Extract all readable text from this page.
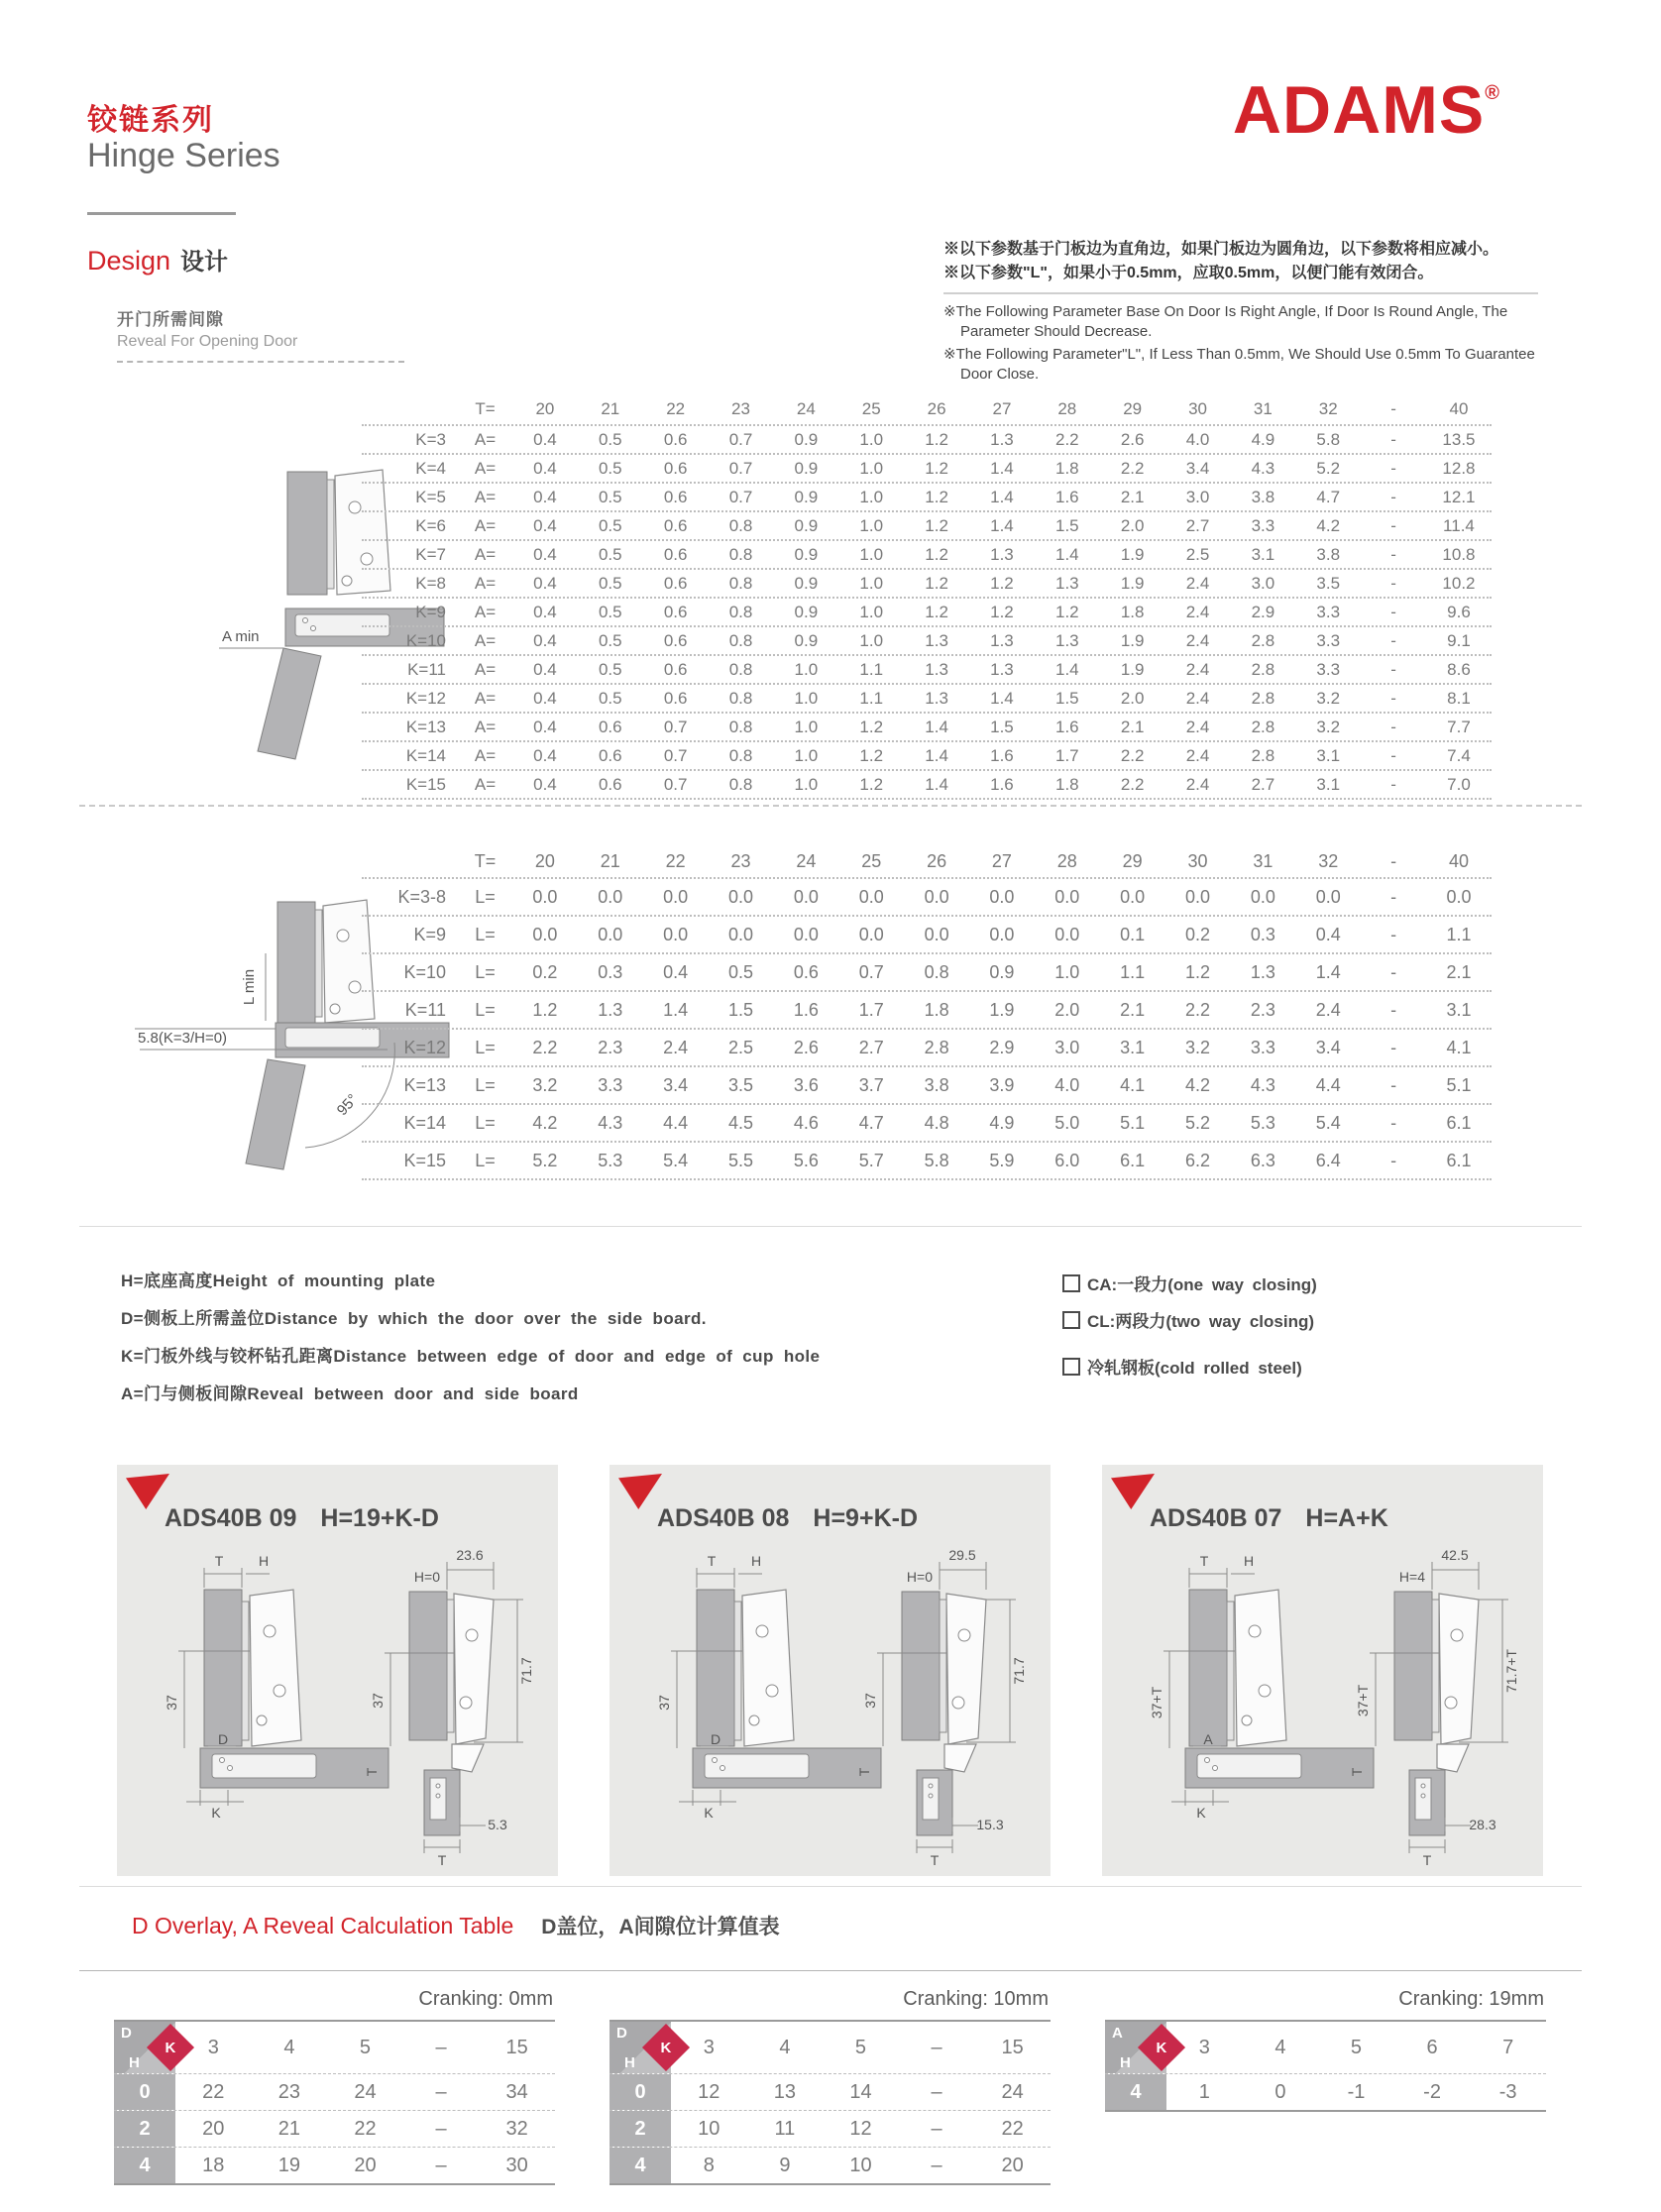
铰链系列
Hinge Series
ADAMS®
Design 设计	※以下参数基于门板边为直角边，如果门板边为圆角边，以下参数将相应减小。
※以下参数"L"，如果小于0.5mm，应取0.5mm，以便门能有效闭合。
※The Following Parameter Base On Door Is Right Angle, If Door Is Round Angle, The Parameter Should Decrease.
※The Following Parameter"L", If Less Than 0.5mm, We Should Use 0.5mm To Guarantee Door Close.
开门所需间隙
Reveal For Opening Door
A min
T=	20	21	22	23	24	25	26	27	28	29	30	31	32	-	40
K=3	A=	0.4	0.5	0.6	0.7	0.9	1.0	1.2	1.3	2.2	2.6	4.0	4.9	5.8	-	13.5
K=4	A=	0.4	0.5	0.6	0.7	0.9	1.0	1.2	1.4	1.8	2.2	3.4	4.3	5.2	-	12.8
K=5	A=	0.4	0.5	0.6	0.7	0.9	1.0	1.2	1.4	1.6	2.1	3.0	3.8	4.7	-	12.1
K=6	A=	0.4	0.5	0.6	0.8	0.9	1.0	1.2	1.4	1.5	2.0	2.7	3.3	4.2	-	11.4
K=7	A=	0.4	0.5	0.6	0.8	0.9	1.0	1.2	1.3	1.4	1.9	2.5	3.1	3.8	-	10.8
K=8	A=	0.4	0.5	0.6	0.8	0.9	1.0	1.2	1.2	1.3	1.9	2.4	3.0	3.5	-	10.2
K=9	A=	0.4	0.5	0.6	0.8	0.9	1.0	1.2	1.2	1.2	1.8	2.4	2.9	3.3	-	9.6
K=10	A=	0.4	0.5	0.6	0.8	0.9	1.0	1.3	1.3	1.3	1.9	2.4	2.8	3.3	-	9.1
K=11	A=	0.4	0.5	0.6	0.8	1.0	1.1	1.3	1.3	1.4	1.9	2.4	2.8	3.3	-	8.6
K=12	A=	0.4	0.5	0.6	0.8	1.0	1.1	1.3	1.4	1.5	2.0	2.4	2.8	3.2	-	8.1
K=13	A=	0.4	0.6	0.7	0.8	1.0	1.2	1.4	1.5	1.6	2.1	2.4	2.8	3.2	-	7.7
K=14	A=	0.4	0.6	0.7	0.8	1.0	1.2	1.4	1.6	1.7	2.2	2.4	2.8	3.1	-	7.4
K=15	A=	0.4	0.6	0.7	0.8	1.0	1.2	1.4	1.6	1.8	2.2	2.4	2.7	3.1	-	7.0
L min
5.8(K=3/H=0)
95°
T=	20	21	22	23	24	25	26	27	28	29	30	31	32	-	40
K=3-8	L=	0.0	0.0	0.0	0.0	0.0	0.0	0.0	0.0	0.0	0.0	0.0	0.0	0.0	-	0.0
K=9	L=	0.0	0.0	0.0	0.0	0.0	0.0	0.0	0.0	0.0	0.1	0.2	0.3	0.4	-	1.1
K=10	L=	0.2	0.3	0.4	0.5	0.6	0.7	0.8	0.9	1.0	1.1	1.2	1.3	1.4	-	2.1
K=11	L=	1.2	1.3	1.4	1.5	1.6	1.7	1.8	1.9	2.0	2.1	2.2	2.3	2.4	-	3.1
K=12	L=	2.2	2.3	2.4	2.5	2.6	2.7	2.8	2.9	3.0	3.1	3.2	3.3	3.4	-	4.1
K=13	L=	3.2	3.3	3.4	3.5	3.6	3.7	3.8	3.9	4.0	4.1	4.2	4.3	4.4	-	5.1
K=14	L=	4.2	4.3	4.4	4.5	4.6	4.7	4.8	4.9	5.0	5.1	5.2	5.3	5.4	-	6.1
K=15	L=	5.2	5.3	5.4	5.5	5.6	5.7	5.8	5.9	6.0	6.1	6.2	6.3	6.4	-	6.1
H=底座高度Height of mounting plate
D=侧板上所需盖位Distance by which the door over the side board.
K=门板外线与铰杯钻孔距离Distance between edge of door and edge of cup hole
A=门与侧板间隙Reveal between door and side board
CA:一段力(one way closing)
CL:两段力(two way closing)
冷轧钢板(cold rolled steel)
ADS40B 09 H=19+K-D
T	H
37
D
K
T
23.6
H=0
37
71.7
5.3
T
ADS40B 08 H=9+K-D
T	H
37
D
K
T
29.5
H=0
37
71.7
15.3
T
ADS40B 07 H=A+K
T	H
37+T
A
K
T
42.5
H=4
37+T
71.7+T
28.3
T
D Overlay, A Reveal Calculation Table D盖位，A间隙位计算值表
Cranking: 0mm
D
H
K	3	4	5	–	15
0	22	23	24	–	34
2	20	21	22	–	32
4	18	19	20	–	30
Cranking: 10mm
D
H
K	3	4	5	–	15
0	12	13	14	–	24
2	10	11	12	–	22
4	8	9	10	–	20
Cranking: 19mm
A
H
K	3	4	5	6	7
4	1	0	-1	-2	-3
